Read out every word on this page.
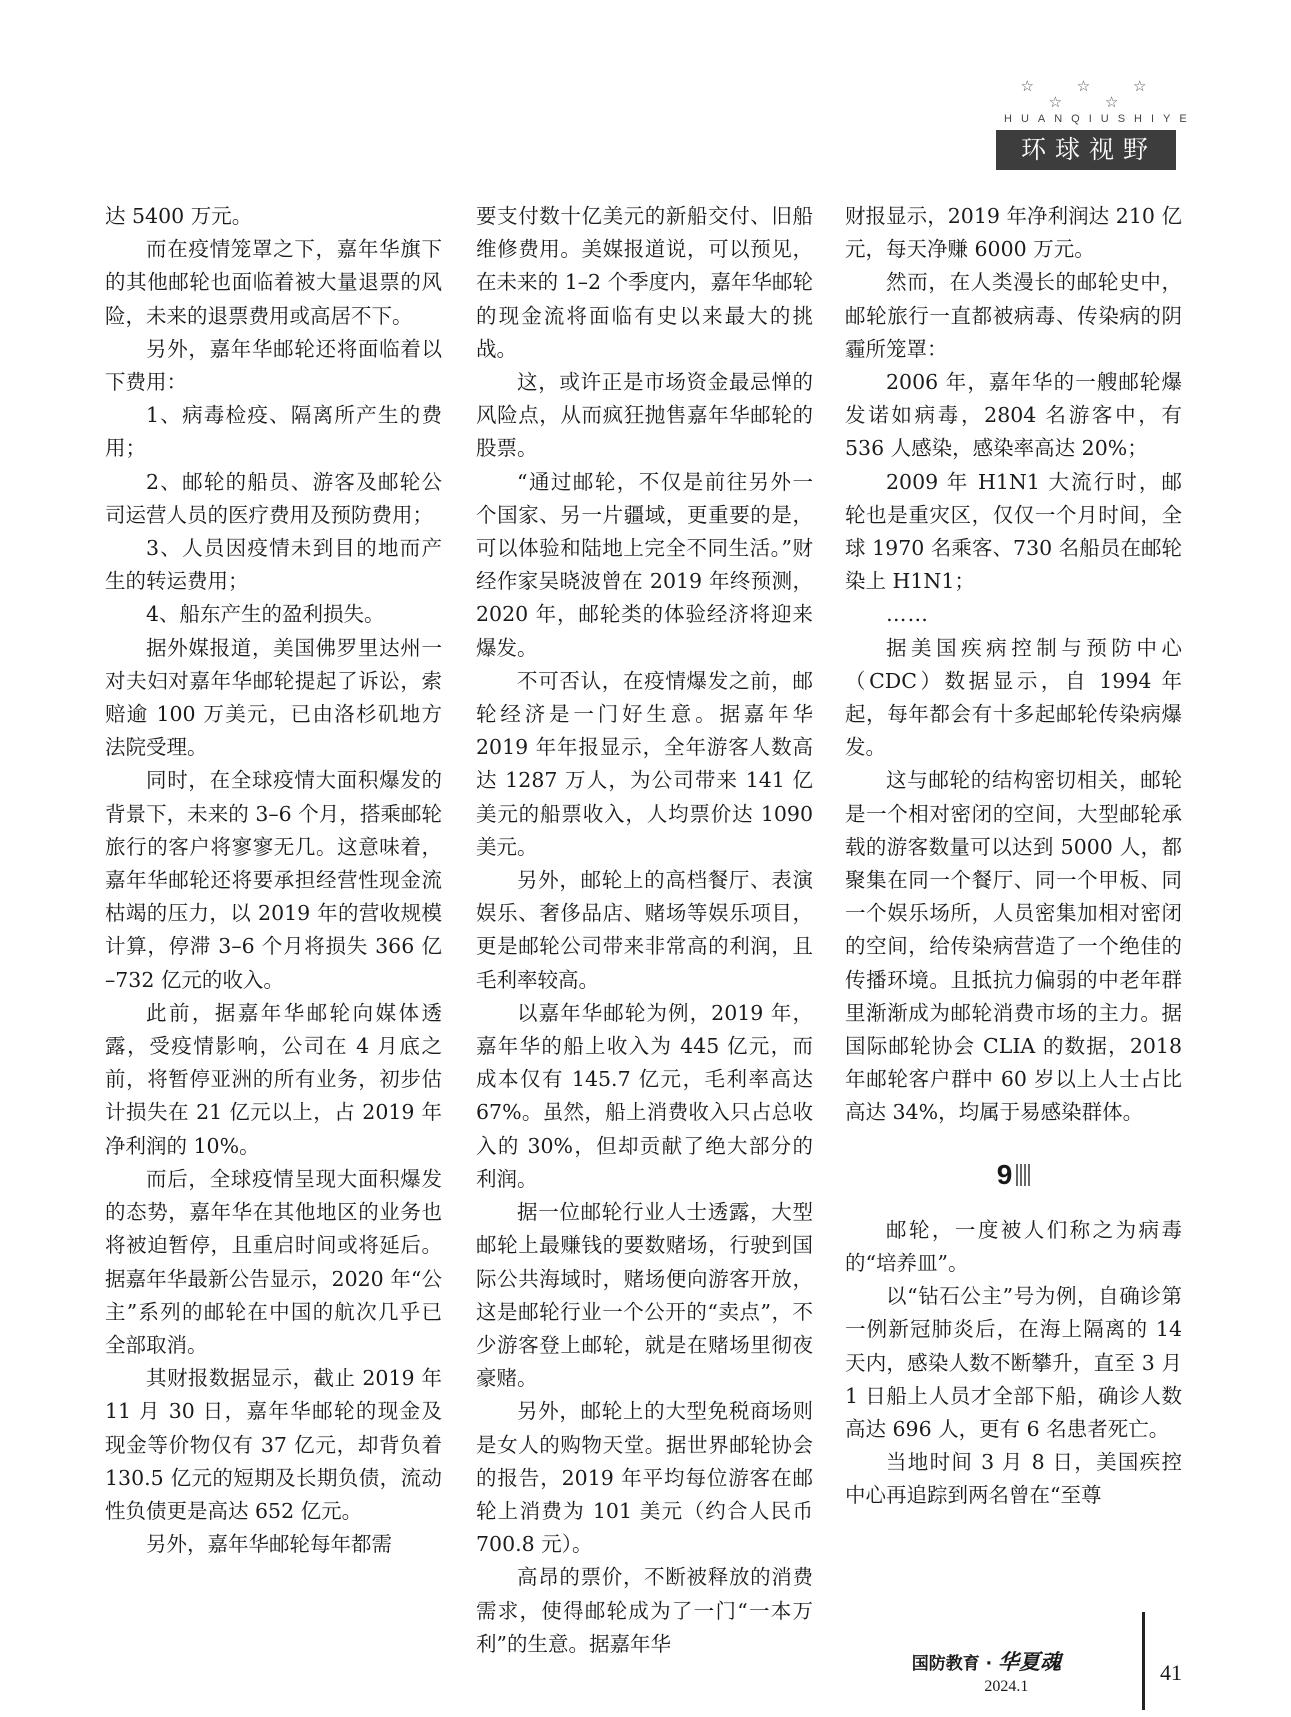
☆ ☆ ☆ ☆ ☆
HUANQIUSHIYE
环球视野

达 5400 万元。

而在疫情笼罩之下，嘉年华旗下的其他邮轮也面临着被大量退票的风险，未来的退票费用或高居不下。

另外，嘉年华邮轮还将面临着以下费用：

1、病毒检疫、隔离所产生的费用；

2、邮轮的船员、游客及邮轮公司运营人员的医疗费用及预防费用；

3、人员因疫情未到目的地而产生的转运费用；

4、船东产生的盈利损失。

据外媒报道，美国佛罗里达州一对夫妇对嘉年华邮轮提起了诉讼，索赔逾 100 万美元，已由洛杉矶地方法院受理。

同时，在全球疫情大面积爆发的背景下，未来的 3–6 个月，搭乘邮轮旅行的客户将寥寥无几。这意味着，嘉年华邮轮还将要承担经营性现金流枯竭的压力，以 2019 年的营收规模计算，停滞 3–6 个月将损失 366 亿 –732 亿元的收入。

此前，据嘉年华邮轮向媒体透露，受疫情影响，公司在 4 月底之前，将暂停亚洲的所有业务，初步估计损失在 21 亿元以上，占 2019 年净利润的 10%。

而后，全球疫情呈现大面积爆发的态势，嘉年华在其他地区的业务也将被迫暂停，且重启时间或将延后。据嘉年华最新公告显示，2020 年“公主”系列的邮轮在中国的航次几乎已全部取消。

其财报数据显示，截止 2019 年 11 月 30 日，嘉年华邮轮的现金及现金等价物仅有 37 亿元，却背负着 130.5 亿元的短期及长期负债，流动性负债更是高达 652 亿元。

另外，嘉年华邮轮每年都需

要支付数十亿美元的新船交付、旧船维修费用。美媒报道说，可以预见，在未来的 1–2 个季度内，嘉年华邮轮的现金流将面临有史以来最大的挑战。

这，或许正是市场资金最忌惮的风险点，从而疯狂抛售嘉年华邮轮的股票。

“通过邮轮，不仅是前往另外一个国家、另一片疆域，更重要的是，可以体验和陆地上完全不同生活。”财经作家吴晓波曾在 2019 年终预测，2020 年，邮轮类的体验经济将迎来爆发。

不可否认，在疫情爆发之前，邮轮经济是一门好生意。据嘉年华 2019 年年报显示，全年游客人数高达 1287 万人，为公司带来 141 亿美元的船票收入，人均票价达 1090 美元。

另外，邮轮上的高档餐厅、表演娱乐、奢侈品店、赌场等娱乐项目，更是邮轮公司带来非常高的利润，且毛利率较高。

以嘉年华邮轮为例，2019 年，嘉年华的船上收入为 445 亿元，而成本仅有 145.7 亿元，毛利率高达 67%。虽然，船上消费收入只占总收入的 30%，但却贡献了绝大部分的利润。

据一位邮轮行业人士透露，大型邮轮上最赚钱的要数赌场，行驶到国际公共海域时，赌场便向游客开放，这是邮轮行业一个公开的“卖点”，不少游客登上邮轮，就是在赌场里彻夜豪赌。

另外，邮轮上的大型免税商场则是女人的购物天堂。据世界邮轮协会的报告，2019 年平均每位游客在邮轮上消费为 101 美元（约合人民币 700.8 元）。

高昂的票价，不断被释放的消费需求，使得邮轮成为了一门“一本万利”的生意。据嘉年华

财报显示，2019 年净利润达 210 亿元，每天净赚 6000 万元。

然而，在人类漫长的邮轮史中，邮轮旅行一直都被病毒、传染病的阴霾所笼罩：

2006 年，嘉年华的一艘邮轮爆发诺如病毒，2804 名游客中，有 536 人感染，感染率高达 20%；

2009 年 H1N1 大流行时，邮轮也是重灾区，仅仅一个月时间，全球 1970 名乘客、730 名船员在邮轮染上 H1N1；

……

据美国疾病控制与预防中心（CDC）数据显示，自 1994 年起，每年都会有十多起邮轮传染病爆发。

这与邮轮的结构密切相关，邮轮是一个相对密闭的空间，大型邮轮承载的游客数量可以达到 5000 人，都聚集在同一个餐厅、同一个甲板、同一个娱乐场所，人员密集加相对密闭的空间，给传染病营造了一个绝佳的传播环境。且抵抗力偏弱的中老年群里渐渐成为邮轮消费市场的主力。据国际邮轮协会 CLIA 的数据，2018 年邮轮客户群中 60 岁以上人士占比高达 34%，均属于易感染群体。

9

邮轮，一度被人们称之为病毒的“培养皿”。

以“钻石公主”号为例，自确诊第一例新冠肺炎后，在海上隔离的 14 天内，感染人数不断攀升，直至 3 月 1 日船上人员才全部下船，确诊人数高达 696 人，更有 6 名患者死亡。

当地时间 3 月 8 日，美国疾控中心再追踪到两名曾在“至尊

国防教育 · 华夏魂
2024.1
41
